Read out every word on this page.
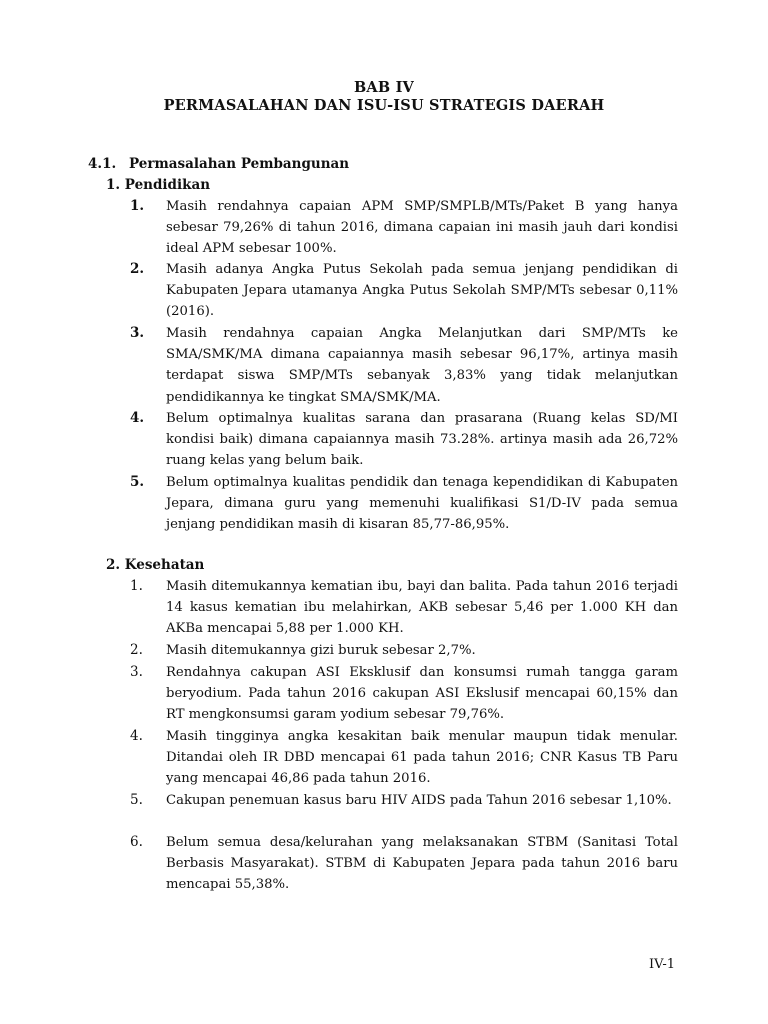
BAB IV
PERMASALAHAN DAN ISU-ISU STRATEGIS DAERAH
4.1. Permasalahan Pembangunan
1. Pendidikan
1. Masih rendahnya capaian APM SMP/SMPLB/MTs/Paket B yang hanya sebesar 79,26% di tahun 2016, dimana capaian ini masih jauh dari kondisi ideal APM sebesar 100%.
2. Masih adanya Angka Putus Sekolah pada semua jenjang pendidikan di Kabupaten Jepara utamanya Angka Putus Sekolah SMP/MTs sebesar 0,11% (2016).
3. Masih rendahnya capaian Angka Melanjutkan dari SMP/MTs ke SMA/SMK/MA dimana capaiannya masih sebesar 96,17%, artinya masih terdapat siswa SMP/MTs sebanyak 3,83% yang tidak melanjutkan pendidikannya ke tingkat SMA/SMK/MA.
4. Belum optimalnya kualitas sarana dan prasarana (Ruang kelas SD/MI kondisi baik) dimana capaiannya masih 73.28%. artinya masih ada 26,72% ruang kelas yang belum baik.
5. Belum optimalnya kualitas pendidik dan tenaga kependidikan di Kabupaten Jepara, dimana guru yang memenuhi kualifikasi S1/D-IV pada semua jenjang pendidikan masih di kisaran 85,77-86,95%.
2. Kesehatan
1. Masih ditemukannya kematian ibu, bayi dan balita. Pada tahun 2016 terjadi 14 kasus kematian ibu melahirkan, AKB sebesar 5,46 per 1.000 KH dan AKBa mencapai 5,88 per 1.000 KH.
2. Masih ditemukannya gizi buruk sebesar 2,7%.
3. Rendahnya cakupan ASI Eksklusif dan konsumsi rumah tangga garam beryodium. Pada tahun 2016 cakupan ASI Ekslusif mencapai 60,15% dan RT mengkonsumsi garam yodium sebesar 79,76%.
4. Masih tingginya angka kesakitan baik menular maupun tidak menular. Ditandai oleh IR DBD mencapai 61 pada tahun 2016; CNR Kasus TB Paru yang mencapai 46,86 pada tahun 2016.
5. Cakupan penemuan kasus baru HIV AIDS pada Tahun 2016 sebesar 1,10%.
6. Belum semua desa/kelurahan yang melaksanakan STBM (Sanitasi Total Berbasis Masyarakat). STBM di Kabupaten Jepara pada tahun 2016 baru mencapai 55,38%.
IV-1
